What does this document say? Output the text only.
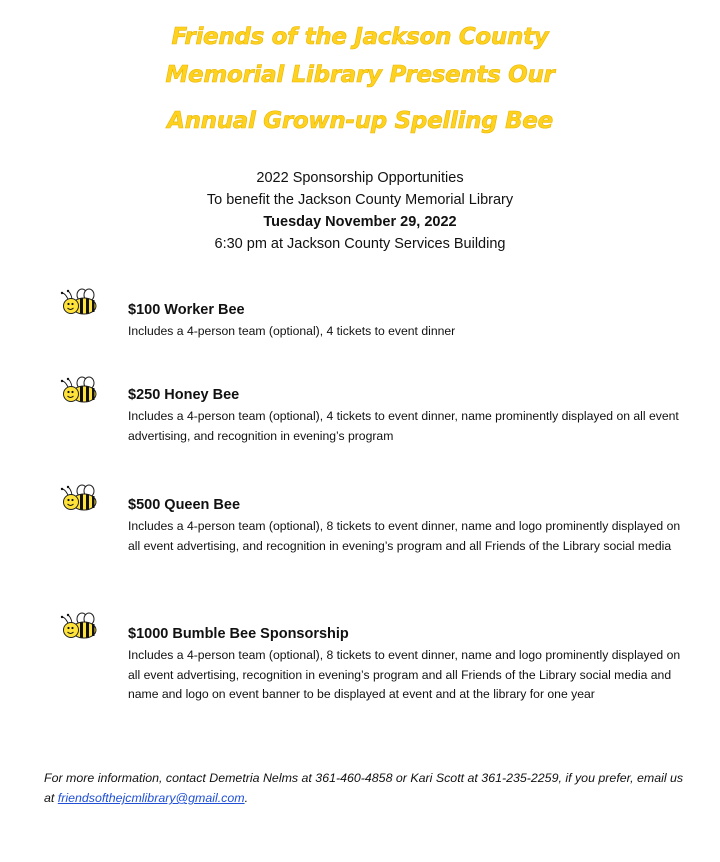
Friends of the Jackson County
Memorial Library Presents Our
Annual Grown-up Spelling Bee
2022 Sponsorship Opportunities
To benefit the Jackson County Memorial Library
Tuesday November 29, 2022
6:30 pm at Jackson County Services Building
$100 Worker Bee
Includes a 4-person team (optional), 4 tickets to event dinner
$250 Honey Bee
Includes a 4-person team (optional), 4 tickets to event dinner, name prominently displayed on all event advertising, and recognition in evening’s program
$500 Queen Bee
Includes a 4-person team (optional), 8 tickets to event dinner, name and logo prominently displayed on all event advertising, and recognition in evening’s program and all Friends of the Library social media
$1000 Bumble Bee Sponsorship
Includes a 4-person team (optional), 8 tickets to event dinner, name and logo prominently displayed on all event advertising, recognition in evening’s program and all Friends of the Library social media and name and logo on event banner to be displayed at event and at the library for one year
For more information, contact Demetria Nelms at 361-460-4858 or Kari Scott at 361-235-2259, if you prefer, email us at friendsofthejcmlibrary@gmail.com.
